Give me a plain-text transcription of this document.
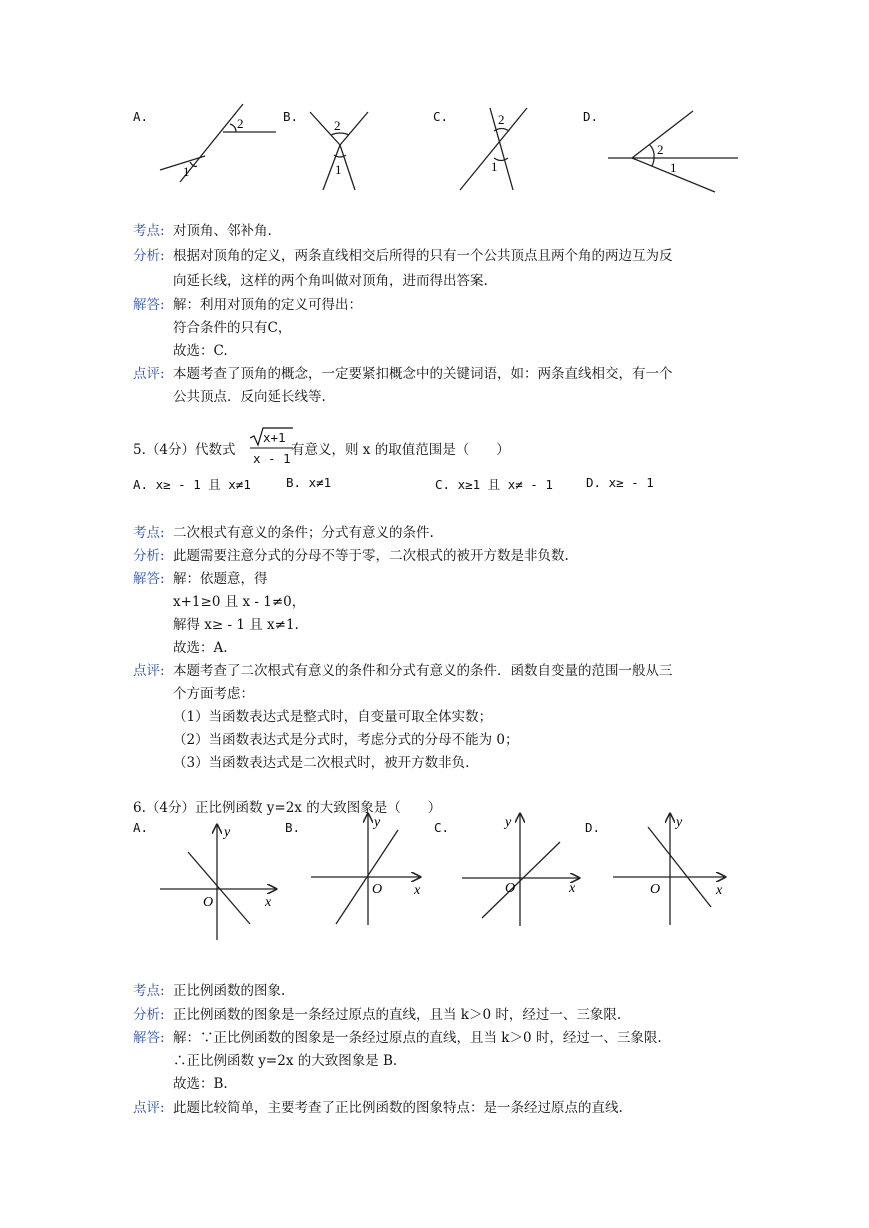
A.	B.	C.	D.
2
1
2
1
2
1
2
1
考点: 对顶角、邻补角.
分析: 根据对顶角的定义，两条直线相交后所得的只有一个公共顶点且两个角的两边互为反
向延长线，这样的两个角叫做对顶角，进而得出答案.
解答: 解：利用对顶角的定义可得出：
符合条件的只有C，
故选：C.
点评: 本题考查了顶角的概念，一定要紧扣概念中的关键词语，如：两条直线相交，有一个
公共顶点．反向延长线等.
5.（4分）代数式
x+1
x - 1
有意义，则 x 的取值范围是（　　）
A. x≥ - 1 且 x≠1	B. x≠1	C. x≥1 且 x≠ - 1	D. x≥ - 1
考点: 二次根式有意义的条件；分式有意义的条件.
分析: 此题需要注意分式的分母不等于零，二次根式的被开方数是非负数.
解答: 解：依题意，得
x+1≥0 且 x - 1≠0，
解得 x≥ - 1 且 x≠1.
故选：A.
点评: 本题考查了二次根式有意义的条件和分式有意义的条件．函数自变量的范围一般从三
个方面考虑：
（1）当函数表达式是整式时，自变量可取全体实数；
（2）当函数表达式是分式时，考虑分式的分母不能为 0；
（3）当函数表达式是二次根式时，被开方数非负.
6.（4分）正比例函数 y=2x 的大致图象是（　　）
A.	B.	C.	D.
y
x
O
y
x
O
y
x
O
y
x
O
考点: 正比例函数的图象.
分析: 正比例函数的图象是一条经过原点的直线，且当 k＞0 时，经过一、三象限.
解答: 解：∵正比例函数的图象是一条经过原点的直线，且当 k＞0 时，经过一、三象限.
∴正比例函数 y=2x 的大致图象是 B.
故选：B.
点评: 此题比较简单，主要考查了正比例函数的图象特点：是一条经过原点的直线.
